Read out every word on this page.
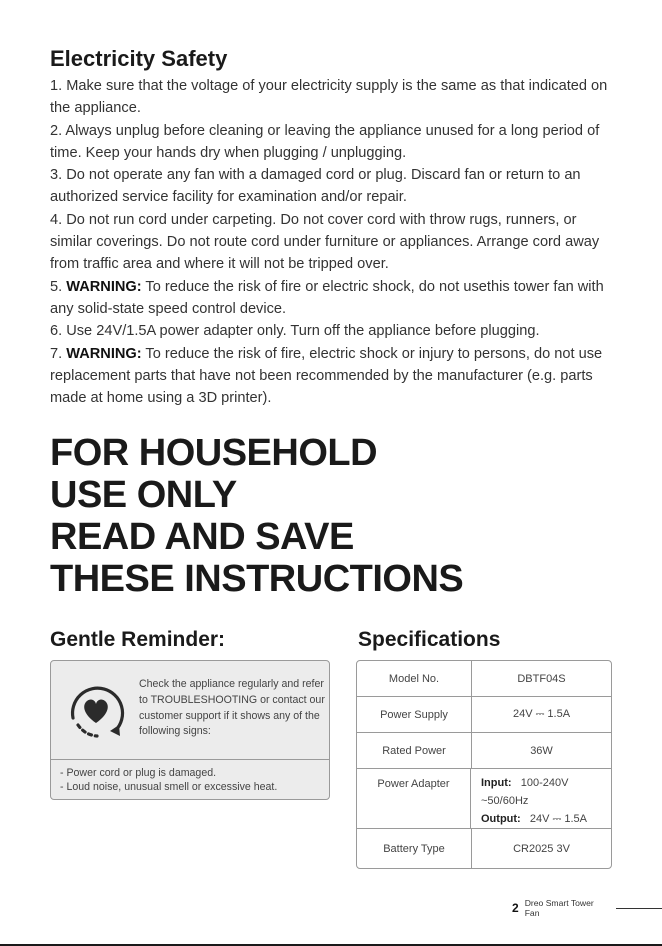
Electricity Safety
1. Make sure that the voltage of your electricity supply is the same as that indicated on the appliance.
2. Always unplug before cleaning or leaving the appliance unused for a long period of time. Keep your hands dry when plugging / unplugging.
3. Do not operate any fan with a damaged cord or plug. Discard fan or return to an authorized service facility for examination and/or repair.
4. Do not run cord under carpeting. Do not cover cord with throw rugs, runners, or similar coverings. Do not route cord under furniture or appliances. Arrange cord away from traffic area and where it will not be tripped over.
5. WARNING: To reduce the risk of fire or electric shock, do not usethis tower fan with any solid-state speed control device.
6. Use 24V/1.5A power adapter only. Turn off the appliance before plugging.
7. WARNING: To reduce the risk of fire, electric shock or injury to persons, do not use replacement parts that have not been recommended by the manufacturer (e.g. parts made at home using a 3D printer).
FOR HOUSEHOLD
USE ONLY
READ AND SAVE
THESE INSTRUCTIONS
Gentle Reminder:	Specifications
Check the appliance regularly and refer to TROUBLESHOOTING or contact our customer support if it shows any of the following signs:
- Power cord or plug is damaged.
- Loud noise, unusual smell or excessive heat.
Model No.	DBTF04S
Power Supply	24V ⎓ 1.5A
Rated Power	36W
Power Adapter	Input: 100-240V
~50/60Hz
Output: 24V ⎓ 1.5A
Battery Type	CR2025 3V
2 Dreo Smart Tower Fan
